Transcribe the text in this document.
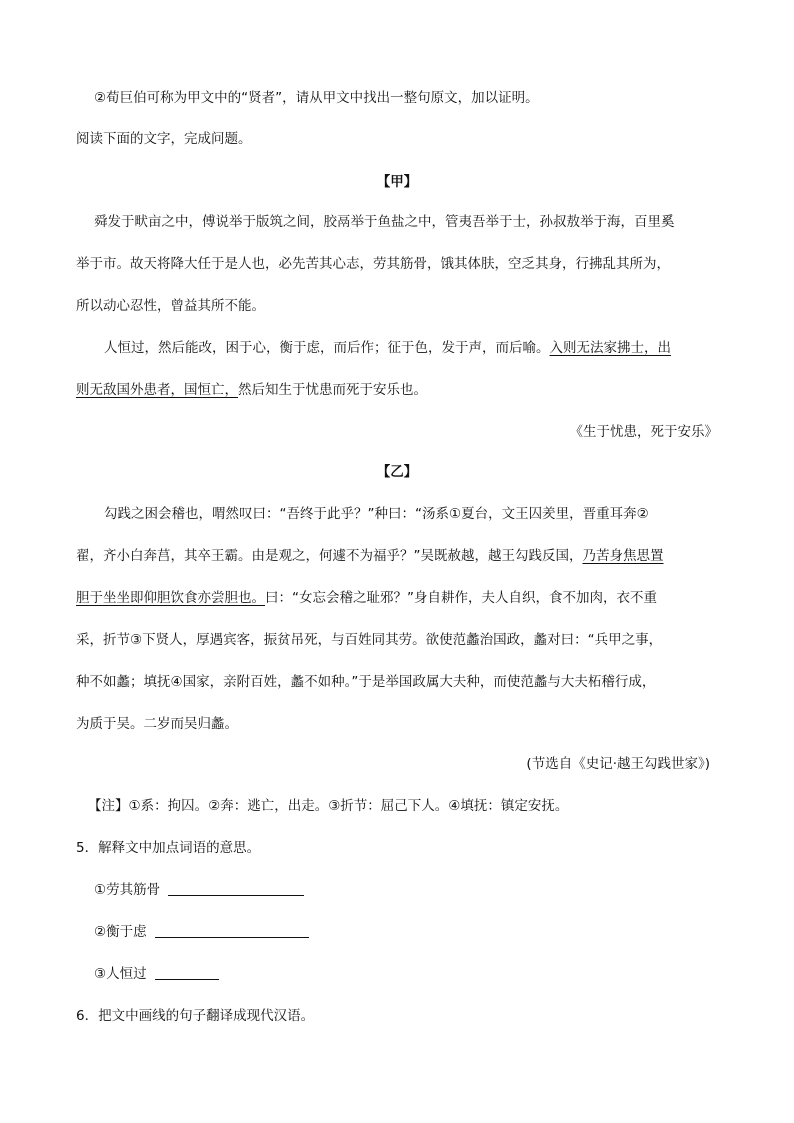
②荀巨伯可称为甲文中的“贤者”，请从甲文中找出一整句原文，加以证明。
阅读下面的文字，完成问题。
【甲】
舜发于畎亩之中，傅说举于版筑之间，胶鬲举于鱼盐之中，管夷吾举于士，孙叔敖举于海，百里奚
举于市。故天将降大任于是人也，必先苦其心志，劳其筋骨，饿其体肤，空乏其身，行拂乱其所为，
所以动心忍性，曾益其所不能。
人恒过，然后能改，困于心，衡于虑，而后作；征于色，发于声，而后喻。入则无法家拂士，出
则无敌国外患者，国恒亡，然后知生于忧患而死于安乐也。
《生于忧患，死于安乐》
【乙】
勾践之困会稽也，喟然叹曰：“吾终于此乎？”种曰：“汤系①夏台，文王囚羑里，晋重耳奔②
翟，齐小白奔莒，其卒王霸。由是观之，何遽不为福乎？”吴既赦越，越王勾践反国，乃苦身焦思置
胆于坐坐即仰胆饮食亦尝胆也。曰：“女忘会稽之耻邪？”身自耕作，夫人自织，食不加肉，衣不重
采，折节③下贤人，厚遇宾客，振贫吊死，与百姓同其劳。欲使范蠡治国政，蠡对曰：“兵甲之事，
种不如蠡；填抚④国家，亲附百姓，蠡不如种。”于是举国政属大夫种，而使范蠡与大夫柘稽行成，
为质于吴。二岁而吴归蠡。
(节选自《史记·越王勾践世家》)
【注】①系：拘囚。②奔：逃亡，出走。③折节：屈己下人。④填抚：镇定安抚。
5．解释文中加点词语的意思。
①劳其筋骨
②衡于虑
③人恒过
6．把文中画线的句子翻译成现代汉语。
